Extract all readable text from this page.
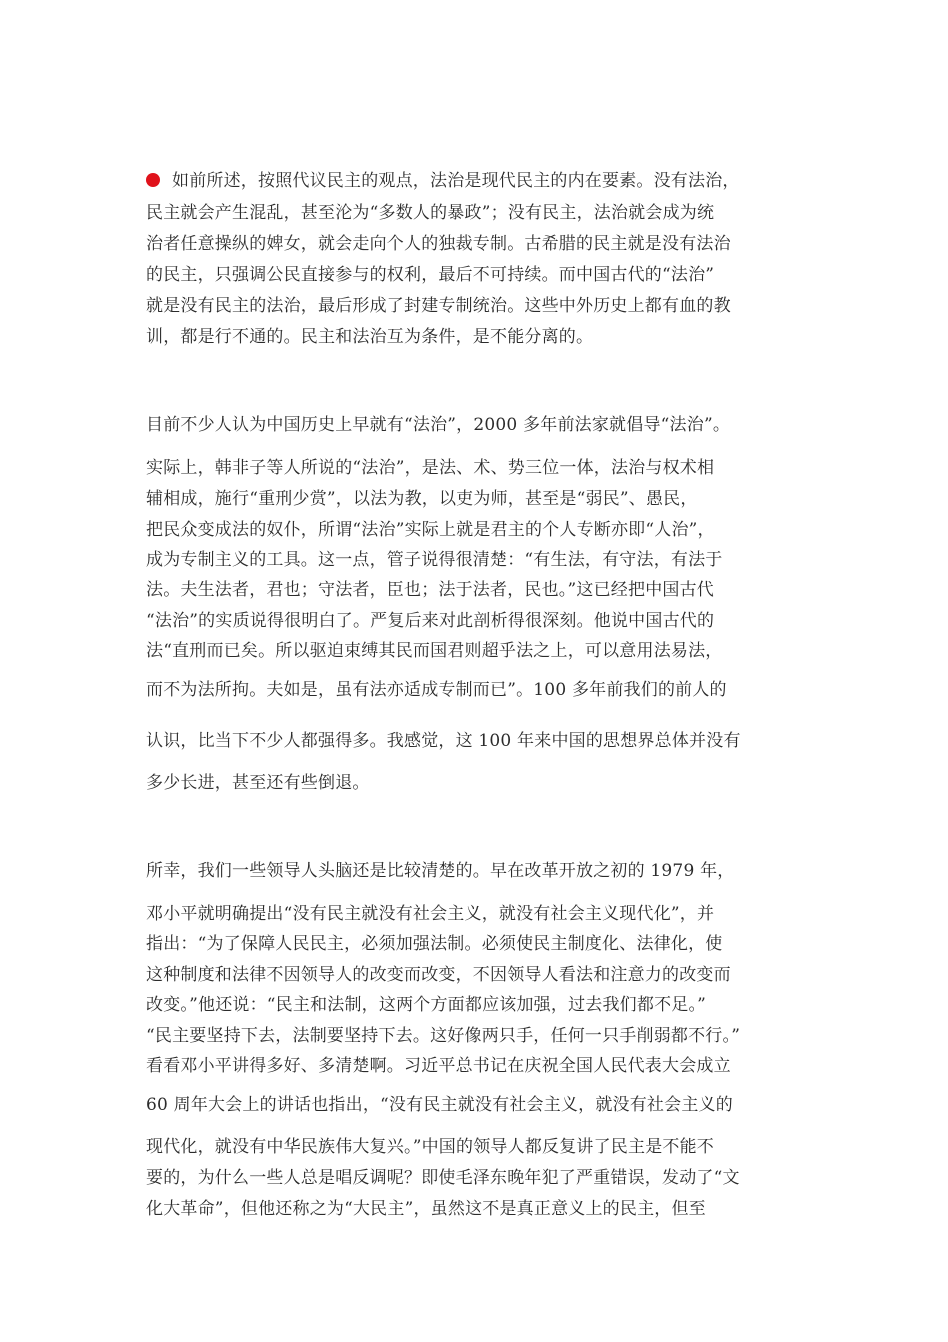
如前所述，按照代议民主的观点，法治是现代民主的内在要素。没有法治，
民主就会产生混乱，甚至沦为“多数人的暴政”；没有民主，法治就会成为统
治者任意操纵的婢女，就会走向个人的独裁专制。古希腊的民主就是没有法治
的民主，只强调公民直接参与的权利，最后不可持续。而中国古代的“法治”
就是没有民主的法治，最后形成了封建专制统治。这些中外历史上都有血的教
训，都是行不通的。民主和法治互为条件，是不能分离的。
目前不少人认为中国历史上早就有“法治”，2000 多年前法家就倡导“法治”。
实际上，韩非子等人所说的“法治”，是法、术、势三位一体，法治与权术相
辅相成，施行“重刑少赏”，以法为教，以吏为师，甚至是“弱民”、愚民，
把民众变成法的奴仆，所谓“法治”实际上就是君主的个人专断亦即“人治”，
成为专制主义的工具。这一点，管子说得很清楚：“有生法，有守法，有法于
法。夫生法者，君也；守法者，臣也；法于法者，民也。”这已经把中国古代
“法治”的实质说得很明白了。严复后来对此剖析得很深刻。他说中国古代的
法“直刑而已矣。所以驱迫束缚其民而国君则超乎法之上，可以意用法易法，
而不为法所拘。夫如是，虽有法亦适成专制而已”。100 多年前我们的前人的
认识，比当下不少人都强得多。我感觉，这 100 年来中国的思想界总体并没有
多少长进，甚至还有些倒退。
所幸，我们一些领导人头脑还是比较清楚的。早在改革开放之初的 1979 年，
邓小平就明确提出“没有民主就没有社会主义，就没有社会主义现代化”，并
指出：“为了保障人民民主，必须加强法制。必须使民主制度化、法律化，使
这种制度和法律不因领导人的改变而改变，不因领导人看法和注意力的改变而
改变。”他还说：“民主和法制，这两个方面都应该加强，过去我们都不足。”
“民主要坚持下去，法制要坚持下去。这好像两只手，任何一只手削弱都不行。”
看看邓小平讲得多好、多清楚啊。习近平总书记在庆祝全国人民代表大会成立
60 周年大会上的讲话也指出，“没有民主就没有社会主义，就没有社会主义的
现代化，就没有中华民族伟大复兴。”中国的领导人都反复讲了民主是不能不
要的，为什么一些人总是唱反调呢？即使毛泽东晚年犯了严重错误，发动了“文
化大革命”，但他还称之为“大民主”，虽然这不是真正意义上的民主，但至
